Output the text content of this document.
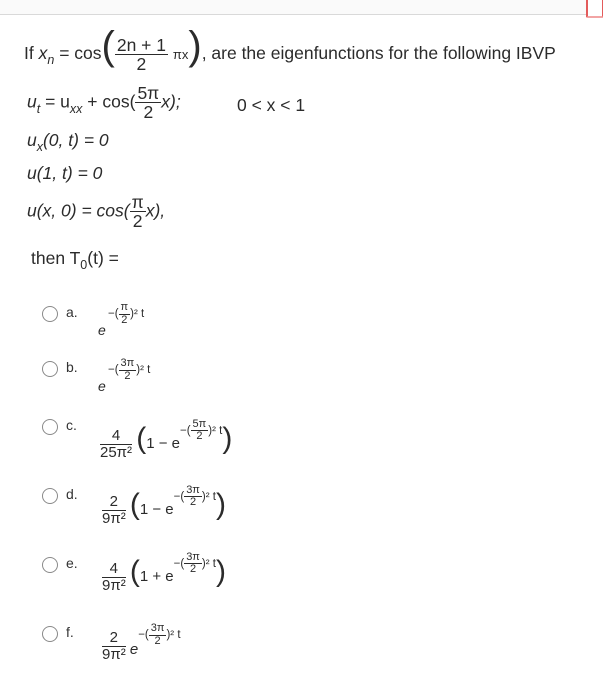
If $x_n = \cos( \frac{2n + 1}{2} \pi x)$, are the eigenfunctions for the following IBVP
$u_t = u_{xx} + \cos( \frac{5\pi}{2} x)$;	0 < x < 1
$u_x(0$, t) = 0
u(1, t) = 0
u(x, $0) = \cos( \frac{\pi}{2} x)$,
then $T_0(t)$ =
a.	−( $\frac{\pi}{2} )^2$ t
e
b.	−( $\frac{3\pi}{2} )^2$ t
e
c.
$\frac{4}{\text{25π²}} (1 - e^{-( \frac{5\pi}{2} )^2 t})$
d. $\frac{2}{\text{9π²}} (1 - e^{-( \frac{3\pi}{2} )^2 t})$
e. $\frac{4}{\text{9π²}} (1 + e^{-( \frac{3\pi}{2} )^2 t})$
f. $\frac{2}{\text{9π²}} e^{-( \frac{3\pi}{2} )^2 t}$
